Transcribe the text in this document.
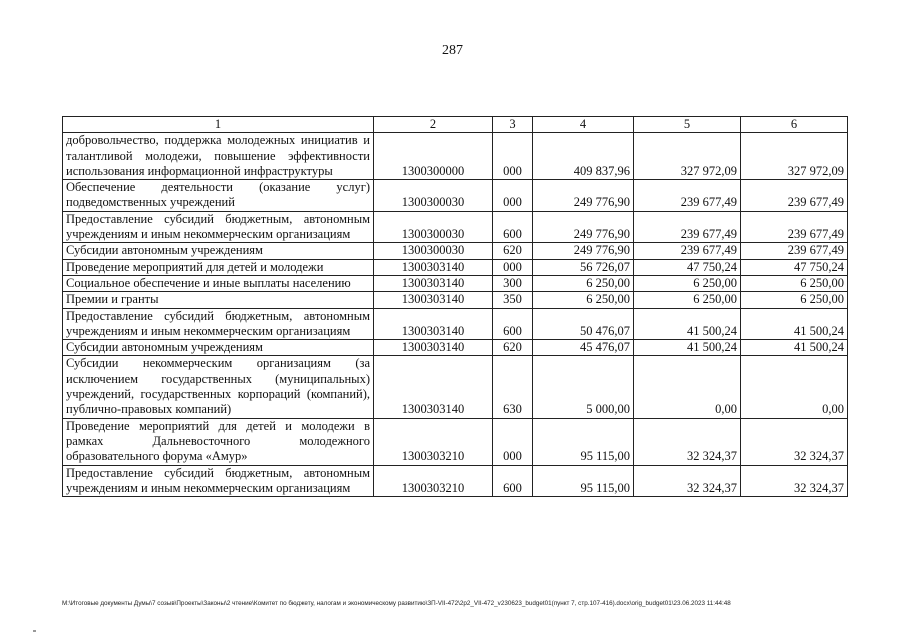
287
1	2	3	4	5	6
добровольчество, поддержка молодежных инициатив и талантливой молодежи, повышение эффективности использования информационной инфраструктуры	1300300000	000	409 837,96	327 972,09	327 972,09
Обеспечение деятельности (оказание услуг) подведомственных учреждений	1300300030	000	249 776,90	239 677,49	239 677,49
Предоставление субсидий бюджетным, автономным учреждениям и иным некоммерческим организациям	1300300030	600	249 776,90	239 677,49	239 677,49
Субсидии автономным учреждениям	1300300030	620	249 776,90	239 677,49	239 677,49
Проведение мероприятий для детей и молодежи	1300303140	000	56 726,07	47 750,24	47 750,24
Социальное обеспечение и иные выплаты населению	1300303140	300	6 250,00	6 250,00	6 250,00
Премии и гранты	1300303140	350	6 250,00	6 250,00	6 250,00
Предоставление субсидий бюджетным, автономным учреждениям и иным некоммерческим организациям	1300303140	600	50 476,07	41 500,24	41 500,24
Субсидии автономным учреждениям	1300303140	620	45 476,07	41 500,24	41 500,24
Субсидии некоммерческим организациям (за исключением государственных (муниципальных) учреждений, государственных корпораций (компаний), публично-правовых компаний)	1300303140	630	5 000,00	0,00	0,00
Проведение мероприятий для детей и молодежи в рамках Дальневосточного молодежного образовательного форума «Амур»	1300303210	000	95 115,00	32 324,37	32 324,37
Предоставление субсидий бюджетным, автономным учреждениям и иным некоммерческим организациям	1300303210	600	95 115,00	32 324,37	32 324,37
M:\Итоговые документы Думы\7 созыв\Проекты\Законы\2 чтение\Комитет по бюджету, налогам и экономическому развитию\ЗП-VII-472\2р2_VII-472_v230623_budget01(пункт 7, стр.107-416).docx\orig_budget01\23.06.2023 11:44:48
